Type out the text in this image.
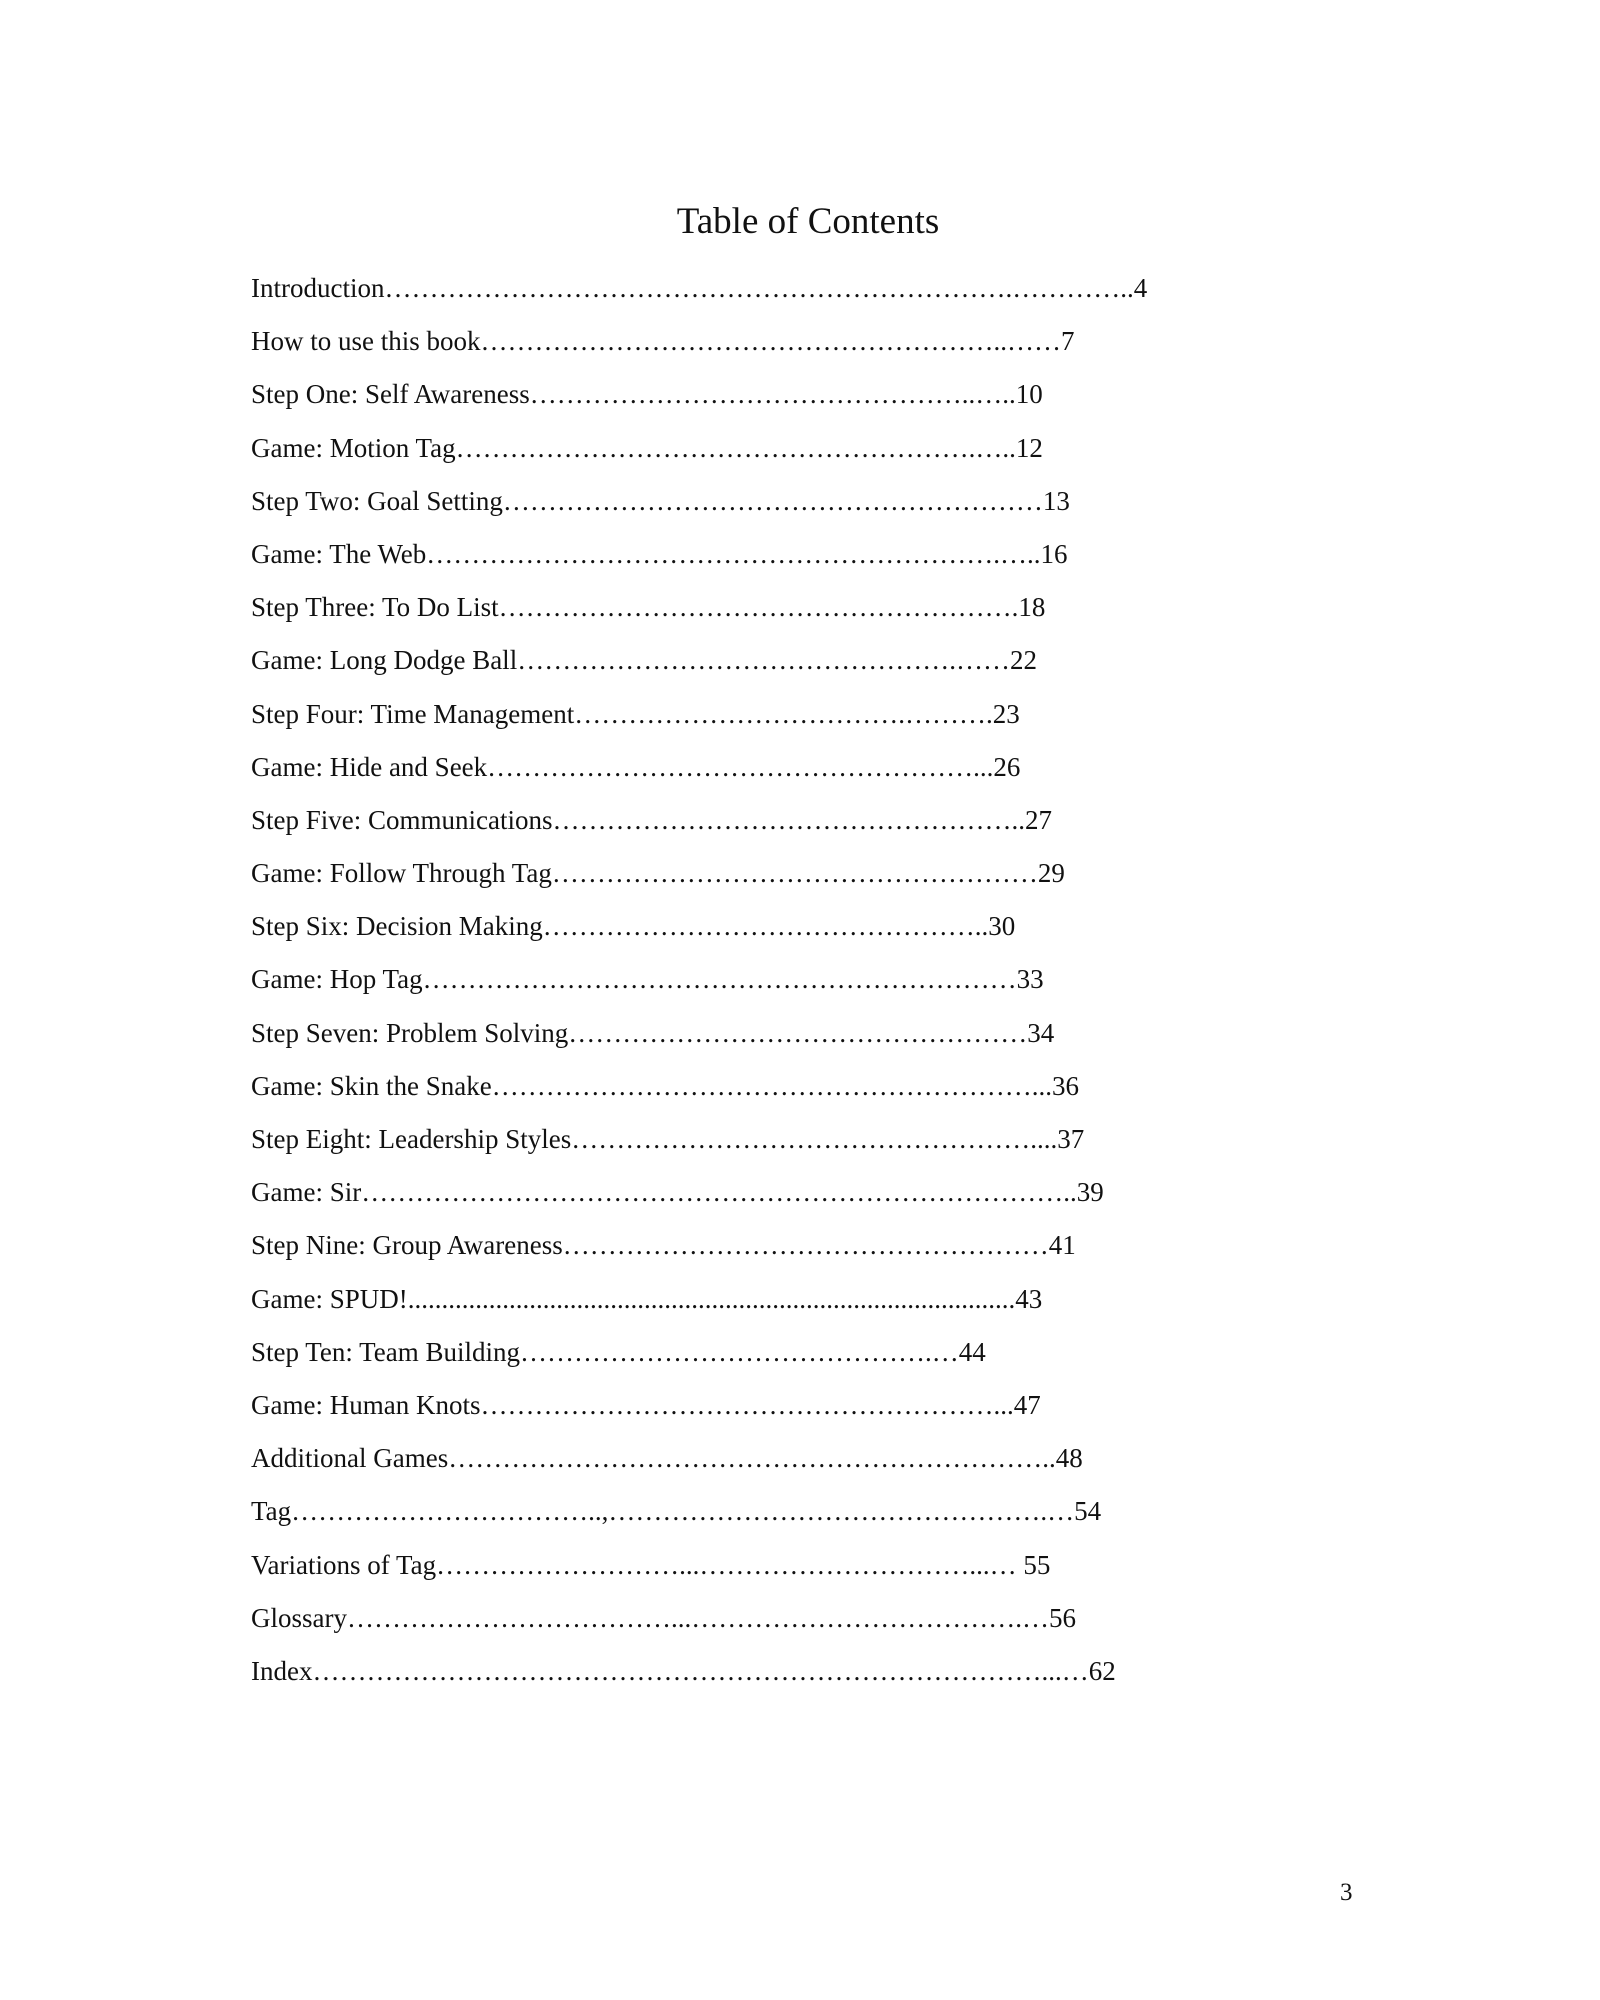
Table of Contents
Introduction…………………………………………………………….…………..4
How to use this book…………………………………………………..……7
Step One: Self Awareness…………………………………………..…..10
Game: Motion Tag………………………………………………….…..12
Step Two: Goal Setting……………………………………………………13
Game: The Web……………………………………………………….…..16
Step Three: To Do List………………………………………………….18
Game: Long Dodge Ball………………………………………….……22
Step Four: Time Management……………………………….……….23
Game: Hide and Seek………………………………………………...26
Step Five: Communications……………………………………………..27
Game: Follow Through Tag………………………………………………29
Step Six: Decision Making…………………………………………..30
Game: Hop Tag…………………………………………………………33
Step Seven: Problem Solving……………………………………………34
Game: Skin the Snake……………………………………………………...36
Step Eight: Leadership Styles……………………………………………....37
Game: Sir……………………………………………………………………..39
Step Nine: Group Awareness………………………………………………41
Game: SPUD!..........................................................................................43
Step Ten: Team Building……………………………………….…44
Game: Human Knots…………………………………………………...47
Additional Games…………………………………………………………..48
Tag……………………………..,………………………………………….…54
Variations of Tag………………………...…………………………...… 55
Glossary………………………………...……………………………….…56
Index………………………………………………………………………...…62
3
